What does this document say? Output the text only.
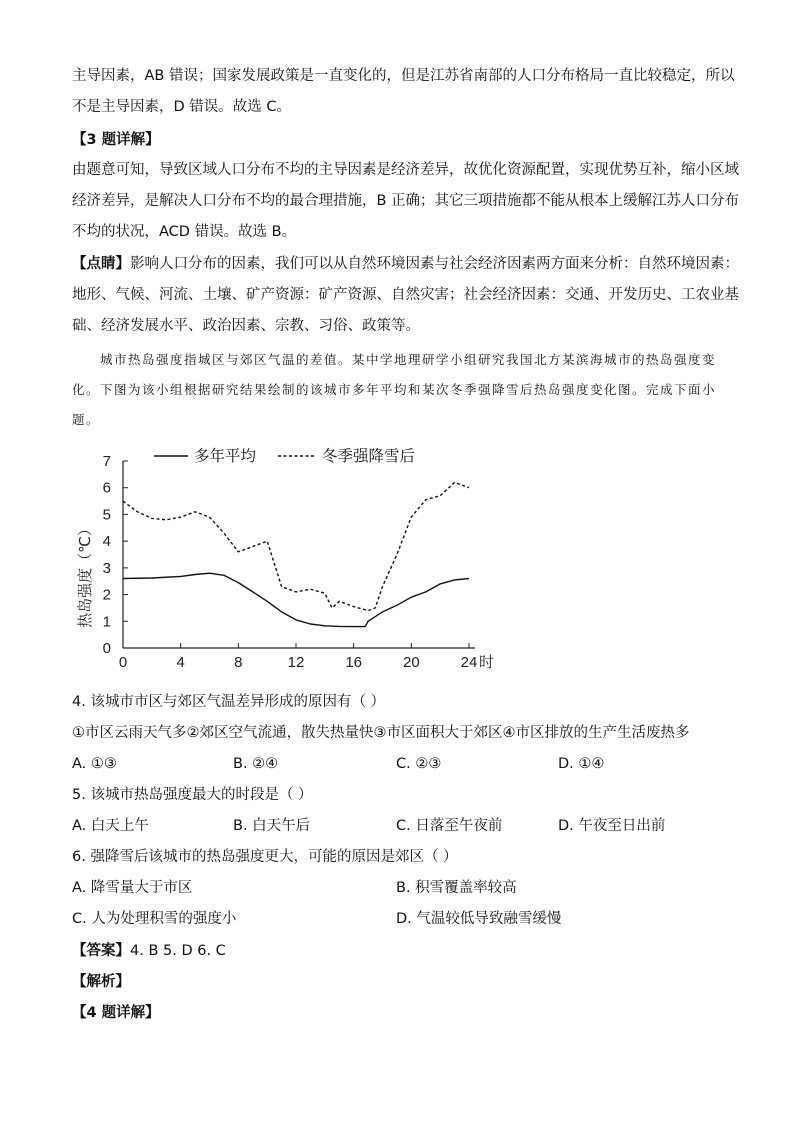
主导因素，AB 错误；国家发展政策是一直变化的，但是江苏省南部的人口分布格局一直比较稳定，所以
不是主导因素，D 错误。故选 C。
【3 题详解】
由题意可知，导致区域人口分布不均的主导因素是经济差异，故优化资源配置，实现优势互补，缩小区域
经济差异，是解决人口分布不均的最合理措施，B 正确；其它三项措施都不能从根本上缓解江苏人口分布
不均的状况，ACD 错误。故选 B。
【点睛】影响人口分布的因素，我们可以从自然环境因素与社会经济因素两方面来分析：自然环境因素：
地形、气候、河流、土壤、矿产资源：矿产资源、自然灾害；社会经济因素：交通、开发历史、工农业基
础、经济发展水平、政治因素、宗教、习俗、政策等。
城市热岛强度指城区与郊区气温的差值。某中学地理研学小组研究我国北方某滨海城市的热岛强度变
化。下图为该小组根据研究结果绘制的该城市多年平均和某次冬季强降雪后热岛强度变化图。完成下面小
题。
0
1
2
3
4
5
6
7
0	4	8	12	16	20	24 时
热岛强度（℃）
多年平均	冬季强降雪后
4. 该城市市区与郊区气温差异形成的原因有（ ）
①市区云雨天气多②郊区空气流通，散失热量快③市区面积大于郊区④市区排放的生产生活废热多
A. ①③	B. ②④	C. ②③	D. ①④
5. 该城市热岛强度最大的时段是（ ）
A. 白天上午	B. 白天午后	C. 日落至午夜前	D. 午夜至日出前
6. 强降雪后该城市的热岛强度更大，可能的原因是郊区（ ）
A. 降雪量大于市区	B. 积雪覆盖率较高
C. 人为处理积雪的强度小	D. 气温较低导致融雪缓慢
【答案】4. B 5. D 6. C
【解析】
【4 题详解】
